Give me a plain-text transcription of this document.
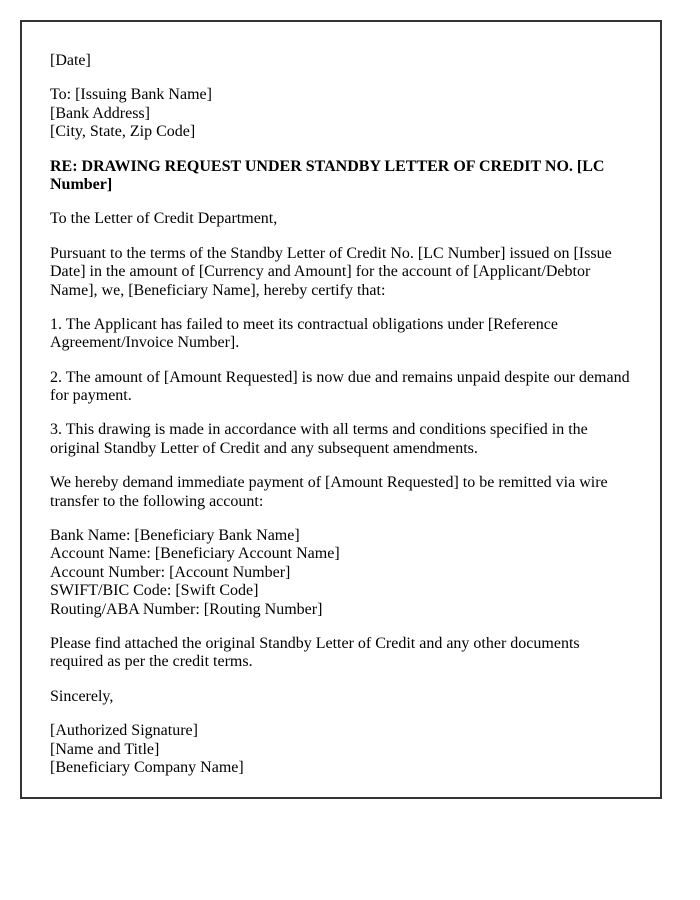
[Date]

To: [Issuing Bank Name]
[Bank Address]
[City, State, Zip Code]

RE: DRAWING REQUEST UNDER STANDBY LETTER OF CREDIT NO. [LC Number]

To the Letter of Credit Department,

Pursuant to the terms of the Standby Letter of Credit No. [LC Number] issued on [Issue Date] in the amount of [Currency and Amount] for the account of [Applicant/Debtor Name], we, [Beneficiary Name], hereby certify that:

1. The Applicant has failed to meet its contractual obligations under [Reference Agreement/Invoice Number].

2. The amount of [Amount Requested] is now due and remains unpaid despite our demand for payment.

3. This drawing is made in accordance with all terms and conditions specified in the original Standby Letter of Credit and any subsequent amendments.

We hereby demand immediate payment of [Amount Requested] to be remitted via wire transfer to the following account:

Bank Name: [Beneficiary Bank Name]
Account Name: [Beneficiary Account Name]
Account Number: [Account Number]
SWIFT/BIC Code: [Swift Code]
Routing/ABA Number: [Routing Number]

Please find attached the original Standby Letter of Credit and any other documents required as per the credit terms.

Sincerely,

[Authorized Signature]
[Name and Title]
[Beneficiary Company Name]
